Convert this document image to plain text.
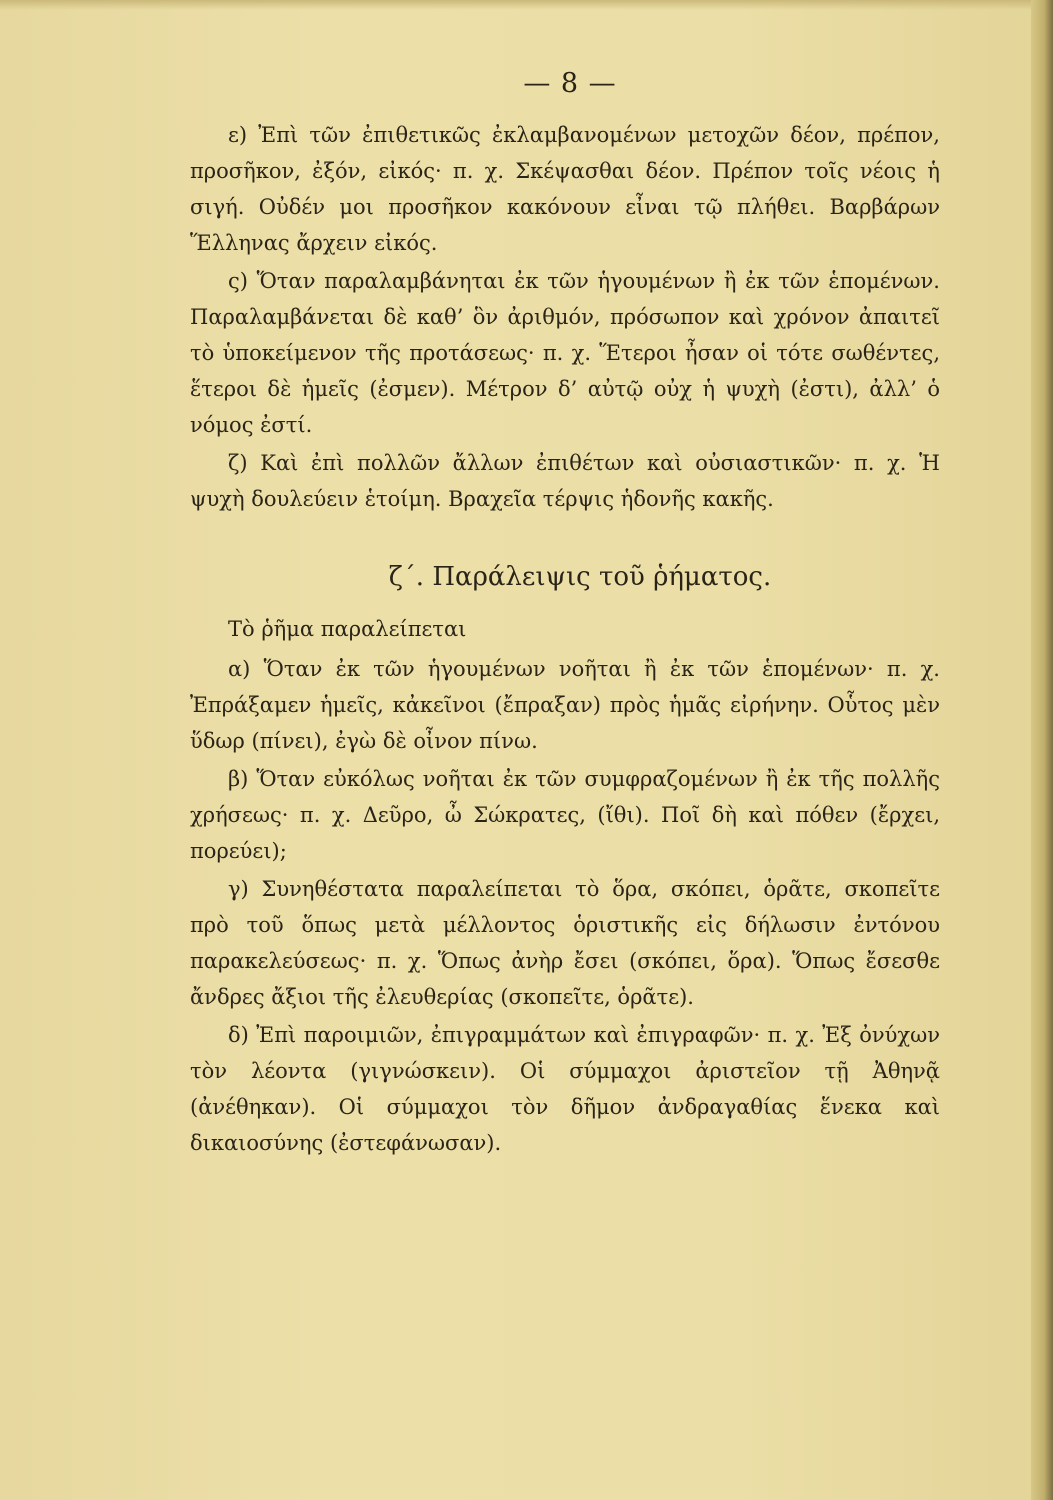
— 8 —

ε) Ἐπὶ τῶν ἐπιθετικῶς ἐκλαμβανομένων μετοχῶν δέον, πρέπον, προσῆκον, ἐξόν, εἰκός· π. χ. Σκέψασθαι δέον. Πρέπον τοῖς νέοις ἡ σιγή. Οὐδέν μοι προσῆκον κακόνουν εἶναι τῷ πλήθει. Βαρβάρων Ἕλληνας ἄρχειν εἰκός.

ς) Ὅταν παραλαμβάνηται ἐκ τῶν ἡγουμένων ἢ ἐκ τῶν ἑπομένων. Παραλαμβάνεται δὲ καθ’ ὃν ἀριθμόν, πρόσωπον καὶ χρόνον ἀπαιτεῖ τὸ ὑποκείμενον τῆς προτάσεως· π. χ. Ἕτεροι ἦσαν οἱ τότε σωθέντες, ἕτεροι δὲ ἡμεῖς (ἐσμεν). Μέτρον δ’ αὐτῷ οὐχ ἡ ψυχὴ (ἐστι), ἀλλ’ ὁ νόμος ἐστί.

ζ) Καὶ ἐπὶ πολλῶν ἄλλων ἐπιθέτων καὶ οὐσιαστικῶν· π. χ. Ἡ ψυχὴ δουλεύειν ἑτοίμη. Βραχεῖα τέρψις ἡδονῆς κακῆς.

ζ΄. Παράλειψις τοῦ ῥήματος.

Τὸ ῥῆμα παραλείπεται

α) Ὅταν ἐκ τῶν ἡγουμένων νοῆται ἢ ἐκ τῶν ἑπομένων· π. χ. Ἐπράξαμεν ἡμεῖς, κἀκεῖνοι (ἔπραξαν) πρὸς ἡμᾶς εἰρήνην. Οὗτος μὲν ὕδωρ (πίνει), ἐγὼ δὲ οἶνον πίνω.

β) Ὅταν εὐκόλως νοῆται ἐκ τῶν συμφραζομένων ἢ ἐκ τῆς πολλῆς χρήσεως· π. χ. Δεῦρο, ὦ Σώκρατες, (ἴθι). Ποῖ δὴ καὶ πόθεν (ἔρχει, πορεύει);

γ) Συνηθέστατα παραλείπεται τὸ ὅρα, σκόπει, ὁρᾶτε, σκοπεῖτε πρὸ τοῦ ὅπως μετὰ μέλλοντος ὁριστικῆς εἰς δήλωσιν ἐντόνου παρακελεύσεως· π. χ. Ὅπως ἀνὴρ ἔσει (σκόπει, ὅρα). Ὅπως ἔσεσθε ἄνδρες ἄξιοι τῆς ἐλευθερίας (σκοπεῖτε, ὁρᾶτε).

δ) Ἐπὶ παροιμιῶν, ἐπιγραμμάτων καὶ ἐπιγραφῶν· π. χ. Ἐξ ὀνύχων τὸν λέοντα (γιγνώσκειν). Οἱ σύμμαχοι ἀριστεῖον τῇ Ἀθηνᾷ (ἀνέθηκαν). Οἱ σύμμαχοι τὸν δῆμον ἀνδραγαθίας ἕνεκα καὶ δικαιοσύνης (ἐστεφάνωσαν).
